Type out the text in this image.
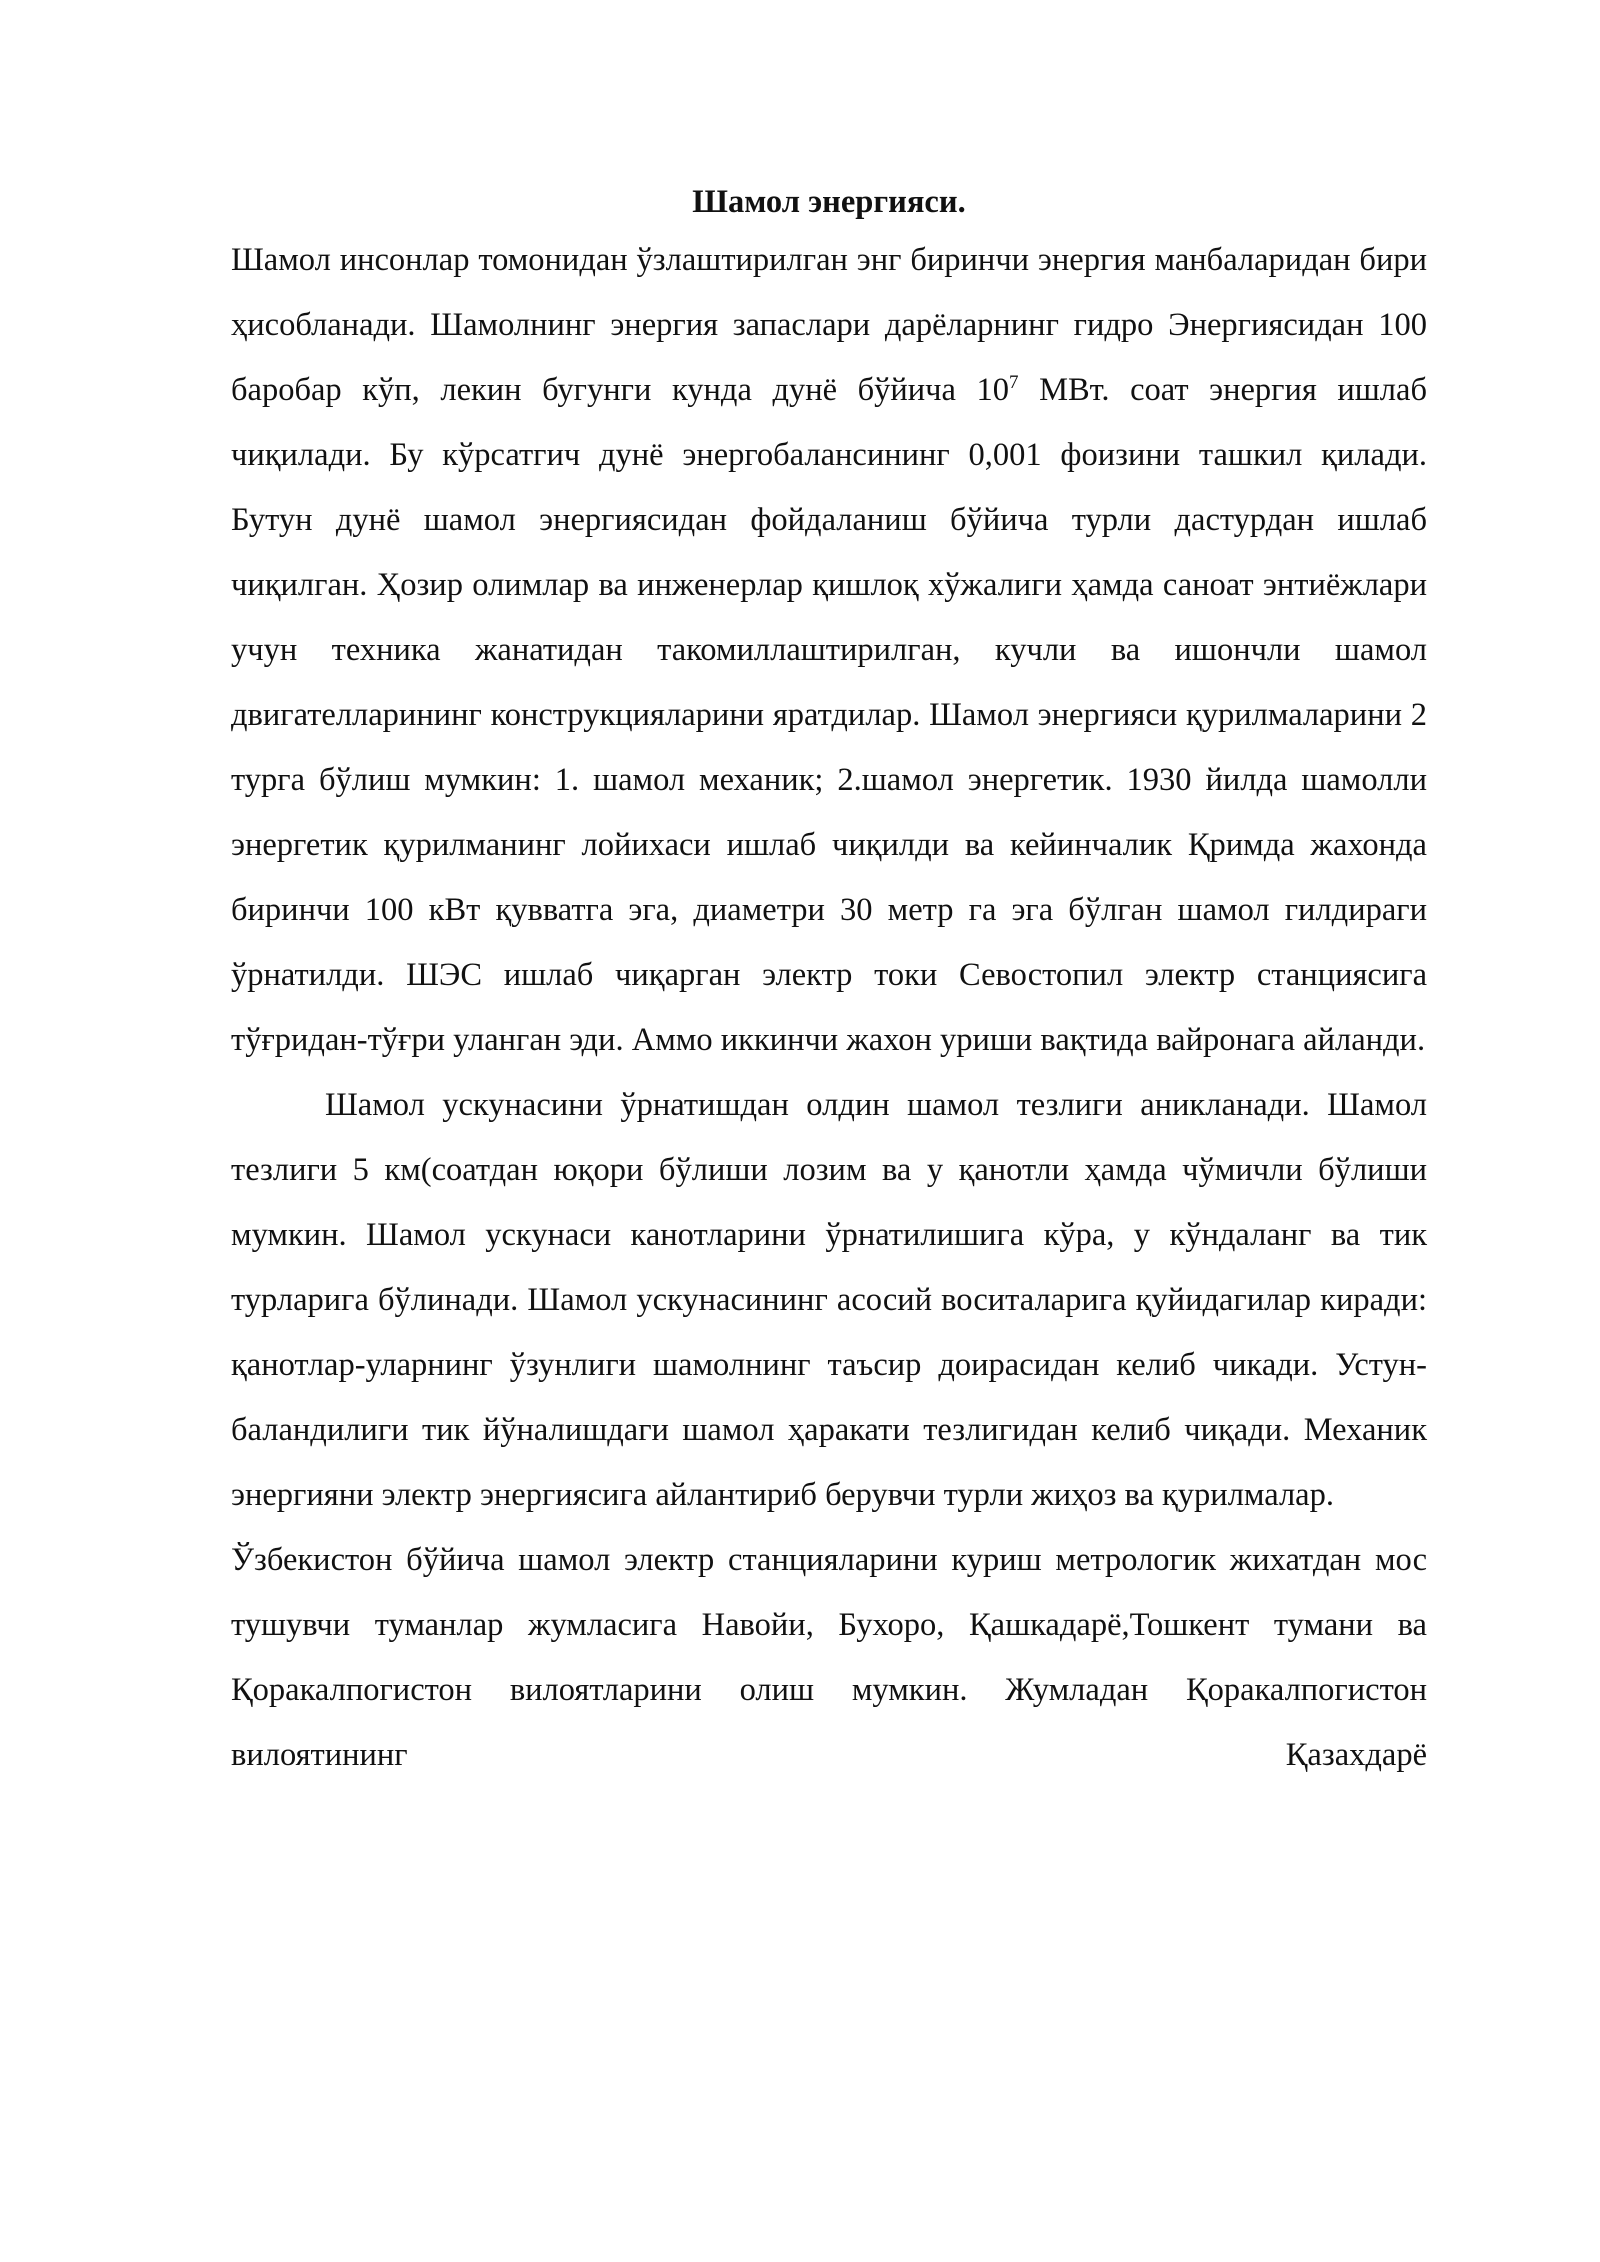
Шамол энергияси.

Шамол инсонлар томонидан ўзлаштирилган энг биринчи энергия манбаларидан бири ҳисобланади. Шамолнинг энергия запаслари дарёларнинг гидро Энергиясидан 100 баробар кўп, лекин бугунги кунда дунё бўйича $10^7$ МВт. соат энергия ишлаб чиқилади. Бу кўрсатгич дунё энергобалансининг 0,001 фоизини ташкил қилади. Бутун дунё шамол энергиясидан фойдаланиш бўйича турли дастурдан ишлаб чиқилган. Ҳозир олимлар ва инженерлар қишлоқ хўжалиги ҳамда саноат энтиёжлари учун техника жанатидан такомиллаштирилган, кучли ва ишончли шамол двигателларининг конструкцияларини яратдилар. Шамол энергияси қурилмаларини 2 турга бўлиш мумкин: 1. шамол механик; 2.шамол энергетик. 1930 йилда шамолли энергетик қурилманинг лойихаси ишлаб чиқилди ва кейинчалик Қримда жахонда биринчи 100 кВт қувватга эга, диаметри 30 метр га эга бўлган шамол гилдираги ўрнатилди. ШЭС ишлаб чиқарган электр токи Севостопил электр станциясига тўғридан-тўғри уланган эди. Аммо иккинчи жахон уриши вақтида вайронага айланди.

Шамол ускунасини ўрнатишдан олдин шамол тезлиги аникланади. Шамол тезлиги 5 км(соатдан юқори бўлиши лозим ва у қанотли ҳамда чўмичли бўлиши мумкин. Шамол ускунаси канотларини ўрнатилишига кўра, у кўндаланг ва тик турларига бўлинади. Шамол ускунасининг асосий воситаларига қуйидагилар киради: қанотлар-уларнинг ўзунлиги шамолнинг таъсир доирасидан келиб чикади. Устун- баландилиги тик йўналишдаги шамол ҳаракати тезлигидан келиб чиқади. Механик энергияни электр энергиясига айлантириб берувчи турли жиҳоз ва қурилмалар.

Ўзбекистон бўйича шамол электр станцияларини куриш метрологик жихатдан мос тушувчи туманлар жумласига Навойи, Бухоро, Қашкадарё,Тошкент тумани ва Қоракалпогистон вилоятларини олиш мумкин. Жумладан Қоракалпогистон вилоятининг Қазахдарё
